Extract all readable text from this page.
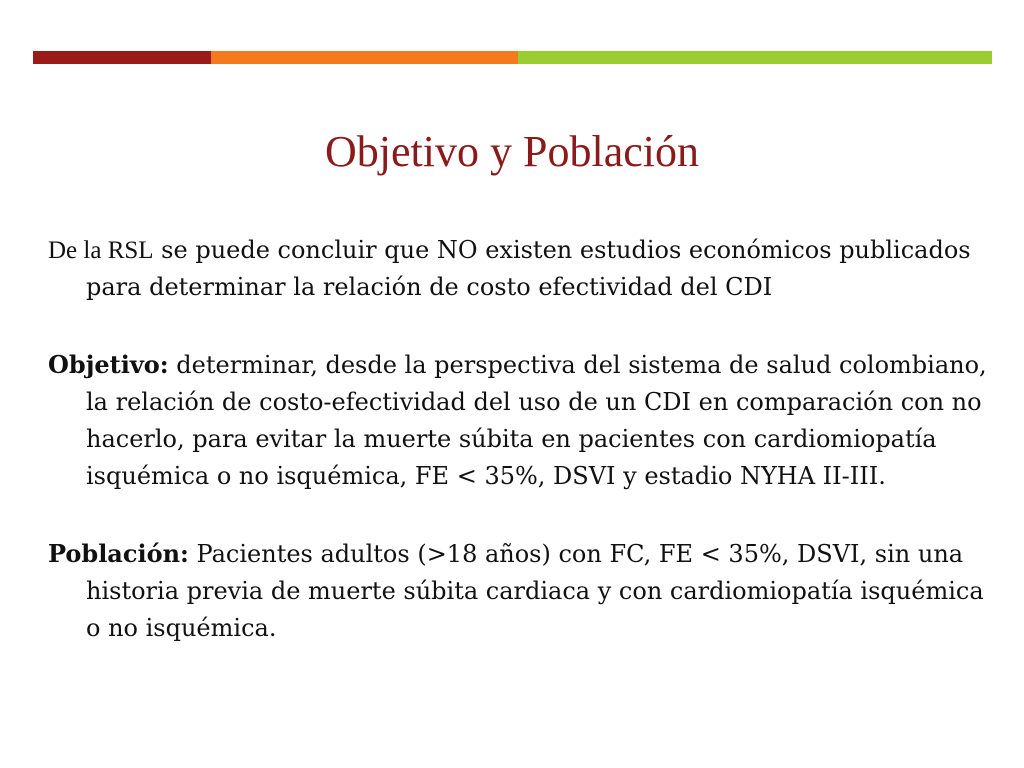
Objetivo y Población

De la RSL se puede concluir que NO existen estudios económicos publicados para determinar la relación de costo efectividad del CDI

Objetivo: determinar, desde la perspectiva del sistema de salud colombiano, la relación de costo-efectividad del uso de un CDI en comparación con no hacerlo, para evitar la muerte súbita en pacientes con cardiomiopatía isquémica o no isquémica, FE < 35%, DSVI y estadio NYHA II-III.

Población: Pacientes adultos (>18 años) con FC, FE < 35%, DSVI, sin una historia previa de muerte súbita cardiaca y con cardiomiopatía isquémica o no isquémica.
